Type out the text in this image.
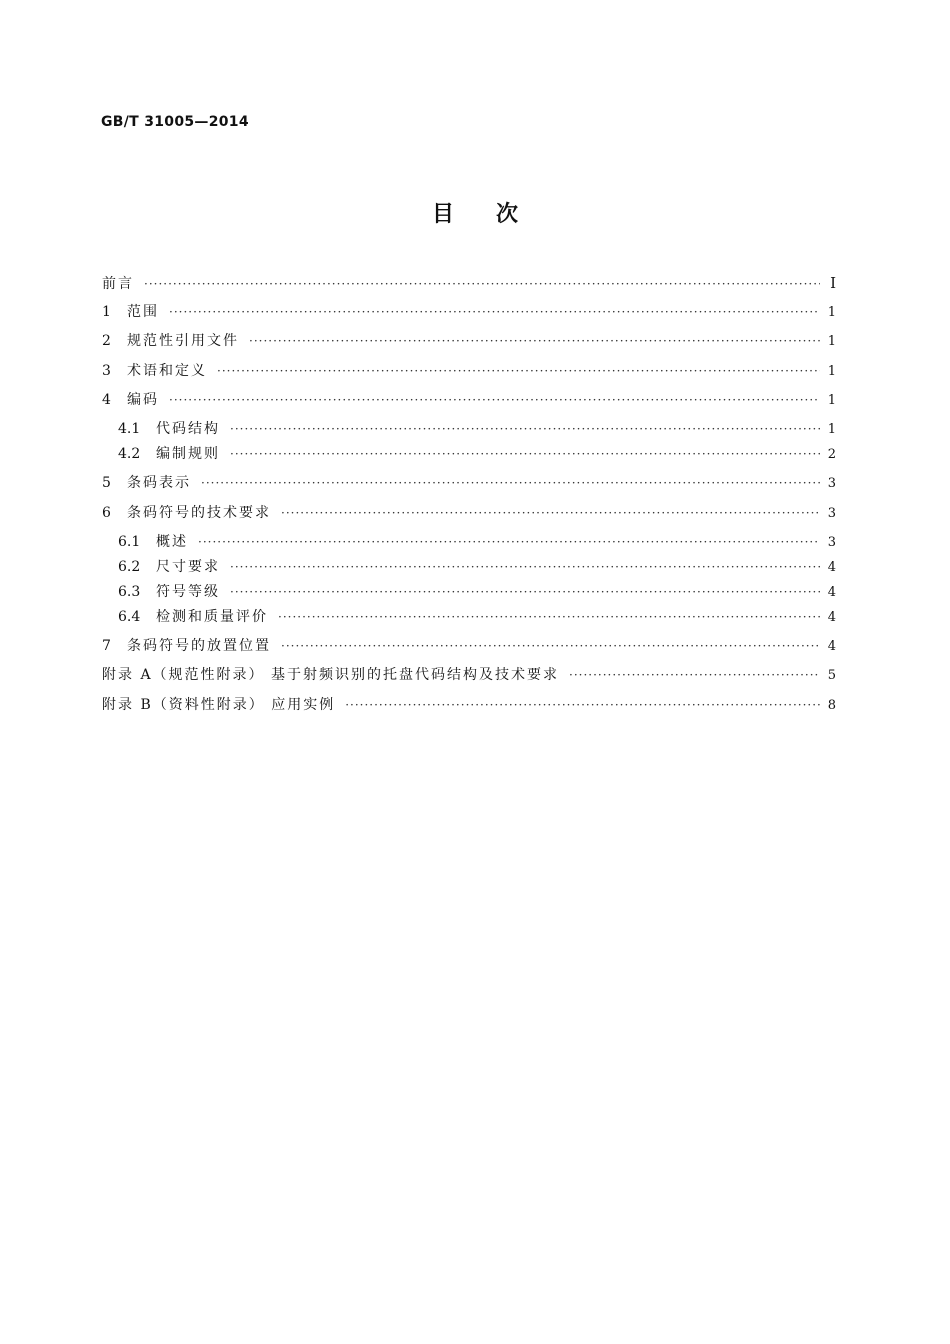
GB/T 31005—2014
目次
前言 ·····	I
1	范围 ·····	1
2	规范性引用文件 ·····	1
3	术语和定义 ·····	1
4	编码 ·····	1
4.1	代码结构 ·····	1
4.2	编制规则 ·····	2
5	条码表示 ·····	3
6	条码符号的技术要求 ·····	3
6.1	概述 ·····	3
6.2	尺寸要求 ·····	4
6.3	符号等级 ·····	4
6.4	检测和质量评价 ·····	4
7	条码符号的放置位置 ·····	4
附录 A（规范性附录） 基于射频识别的托盘代码结构及技术要求 ·····	5
附录 B（资料性附录） 应用实例 ·····	8
